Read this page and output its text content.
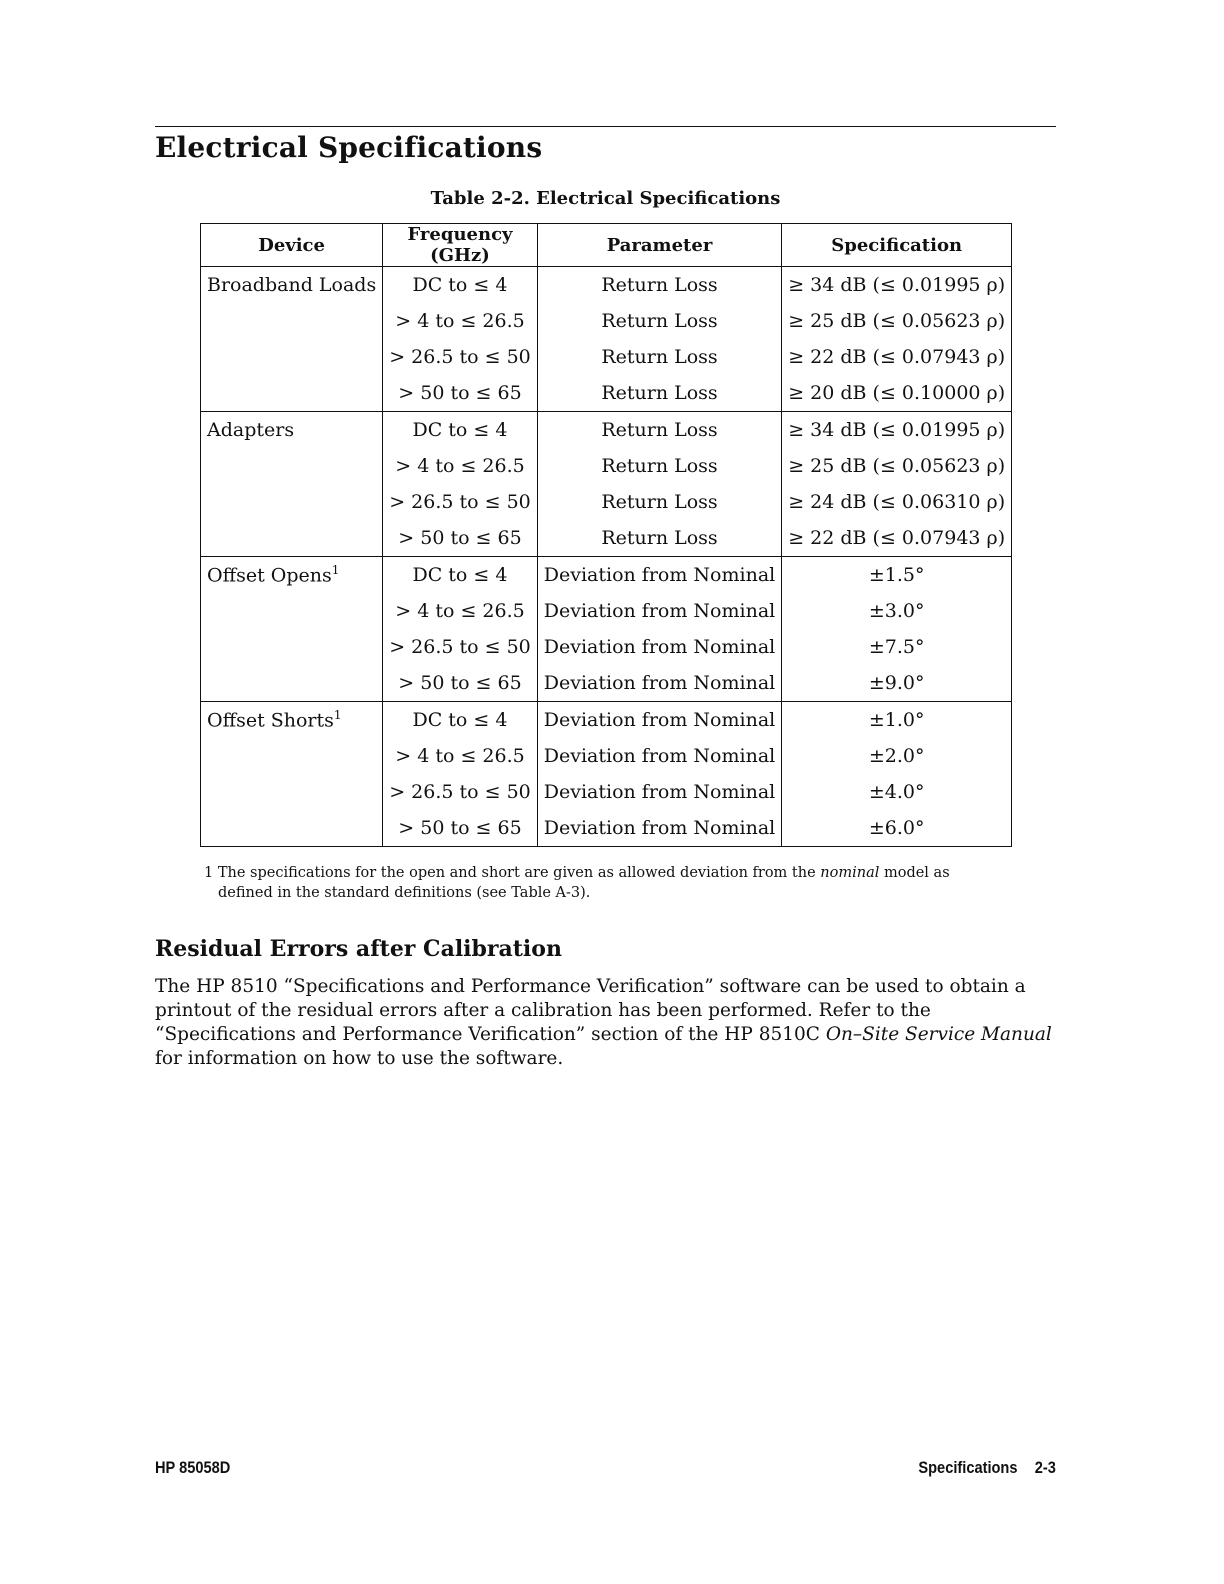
Electrical Specifications
Table 2-2. Electrical Specifications
Device	Frequency (GHz)	Parameter	Specification
Broadband Loads	DC to ≤ 4	Return Loss	≥ 34 dB (≤ 0.01995 ρ)
	> 4 to ≤ 26.5	Return Loss	≥ 25 dB (≤ 0.05623 ρ)
	> 26.5 to ≤ 50	Return Loss	≥ 22 dB (≤ 0.07943 ρ)
	> 50 to ≤ 65	Return Loss	≥ 20 dB (≤ 0.10000 ρ)
Adapters	DC to ≤ 4	Return Loss	≥ 34 dB (≤ 0.01995 ρ)
	> 4 to ≤ 26.5	Return Loss	≥ 25 dB (≤ 0.05623 ρ)
	> 26.5 to ≤ 50	Return Loss	≥ 24 dB (≤ 0.06310 ρ)
	> 50 to ≤ 65	Return Loss	≥ 22 dB (≤ 0.07943 ρ)
Offset Opens$^1$	DC to ≤ 4	Deviation from Nominal	±1.5°
	> 4 to ≤ 26.5	Deviation from Nominal	±3.0°
	> 26.5 to ≤ 50	Deviation from Nominal	±7.5°
	> 50 to ≤ 65	Deviation from Nominal	±9.0°
Offset Shorts$^1$	DC to ≤ 4	Deviation from Nominal	±1.0°
	> 4 to ≤ 26.5	Deviation from Nominal	±2.0°
	> 26.5 to ≤ 50	Deviation from Nominal	±4.0°
	> 50 to ≤ 65	Deviation from Nominal	±6.0°
1 The specifications for the open and short are given as allowed deviation from the nominal model as
defined in the standard definitions (see Table A-3).
Residual Errors after Calibration

The HP 8510 “Specifications and Performance Verification” software can be used to obtain a printout of the residual errors after a calibration has been performed. Refer to the “Specifications and Performance Verification” section of the HP 8510C On–Site Service Manual for information on how to use the software.

HP 85058D	Specifications 2-3
